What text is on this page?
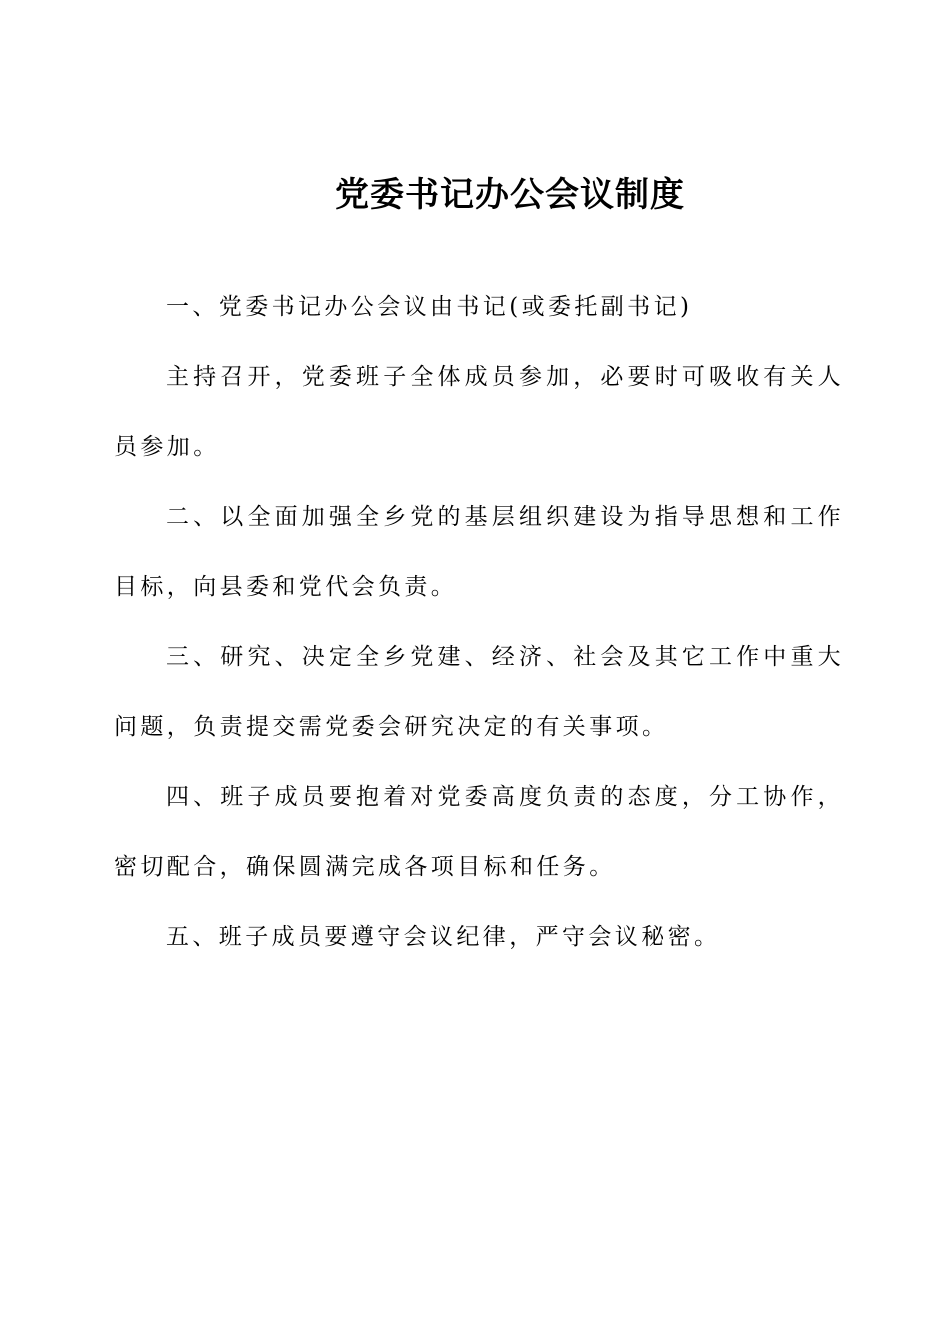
党委书记办公会议制度

一、党委书记办公会议由书记(或委托副书记)

主持召开，党委班子全体成员参加，必要时可吸收有关人员参加。

二、以全面加强全乡党的基层组织建设为指导思想和工作目标，向县委和党代会负责。

三、研究、决定全乡党建、经济、社会及其它工作中重大问题，负责提交需党委会研究决定的有关事项。

四、班子成员要抱着对党委高度负责的态度，分工协作，密切配合，确保圆满完成各项目标和任务。

五、班子成员要遵守会议纪律，严守会议秘密。
